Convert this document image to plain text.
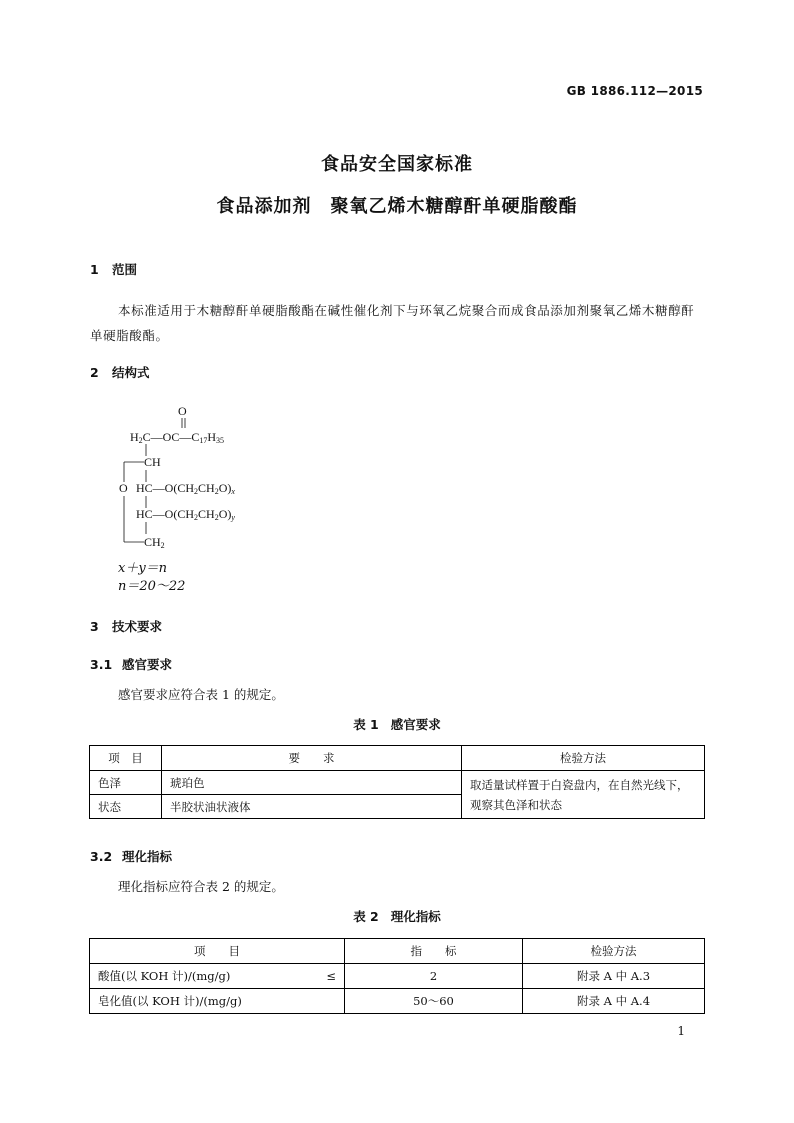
GB 1886.112—2015
食品安全国家标准
食品添加剂　聚氧乙烯木糖醇酐单硬脂酸酯
1 范围
本标准适用于木糖醇酐单硬脂酸酯在碱性催化剂下与环氧乙烷聚合而成食品添加剂聚氧乙烯木糖醇酐单硬脂酸酯。
2 结构式
O
H2C—OC—C17H35
CH
O HC—O(CH2CH2O)x
HC—O(CH2CH2O)y
CH2
x＋y＝n
n＝20～22
3 技术要求
3.1 感官要求
感官要求应符合表 1 的规定。
表 1 感官要求
项　目	要　　求	检验方法
色泽	琥珀色	取适量试样置于白瓷盘内，在自然光线下，观察其色泽和状态
状态	半胶状油状液体	
3.2 理化指标
理化指标应符合表 2 的规定。
表 2 理化指标
项　　目		指　　标	检验方法
酸值(以 KOH 计)/(mg/g)	≤	2	附录 A 中 A.3
皂化值(以 KOH 计)/(mg/g)		50～60	附录 A 中 A.4
1
